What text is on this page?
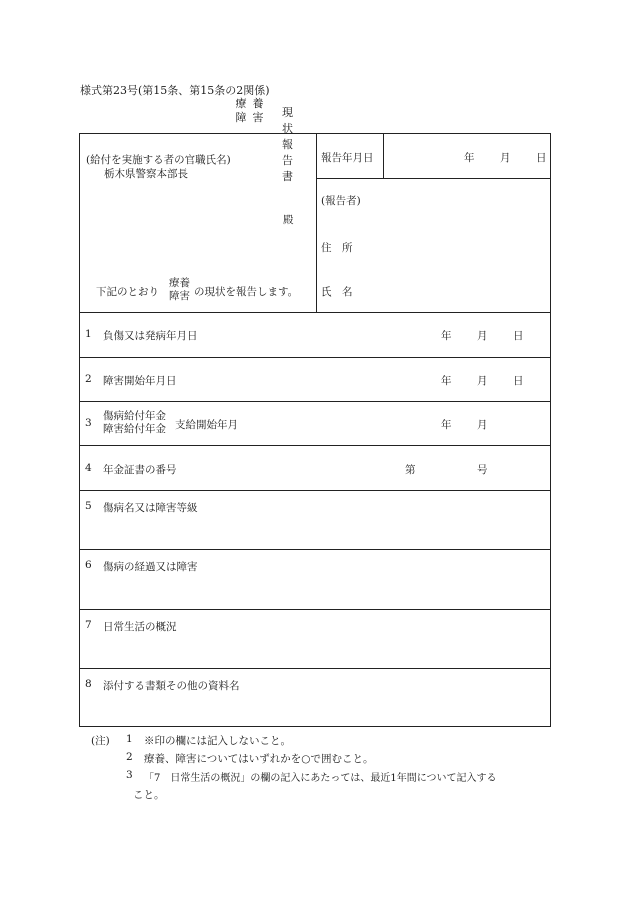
様式第23号(第15条、第15条の2関係)
療養
障害	現状報告書
(給付を実施する者の官職氏名)
栃木県警察本部長
殿
下記のとおり
療養
障害 の現状を報告します。
報告年月日	年 月 日
(報告者)
住　所
氏　名
1 負傷又は発病年月日	年 月 日
2 障害開始年月日	年 月 日
3
傷病給付年金
障害給付年金 支給開始年月	年 月
4 年金証書の番号	第	号
5 傷病名又は障害等級
6 傷病の経過又は障害
7 日常生活の概況
8 添付する書類その他の資料名
(注) 1 ※印の欄には記入しないこと。
2 療養、障害についてはいずれかを○で囲むこと。
3 「7　日常生活の概況」の欄の記入にあたっては、最近1年間について記入する
こと。
